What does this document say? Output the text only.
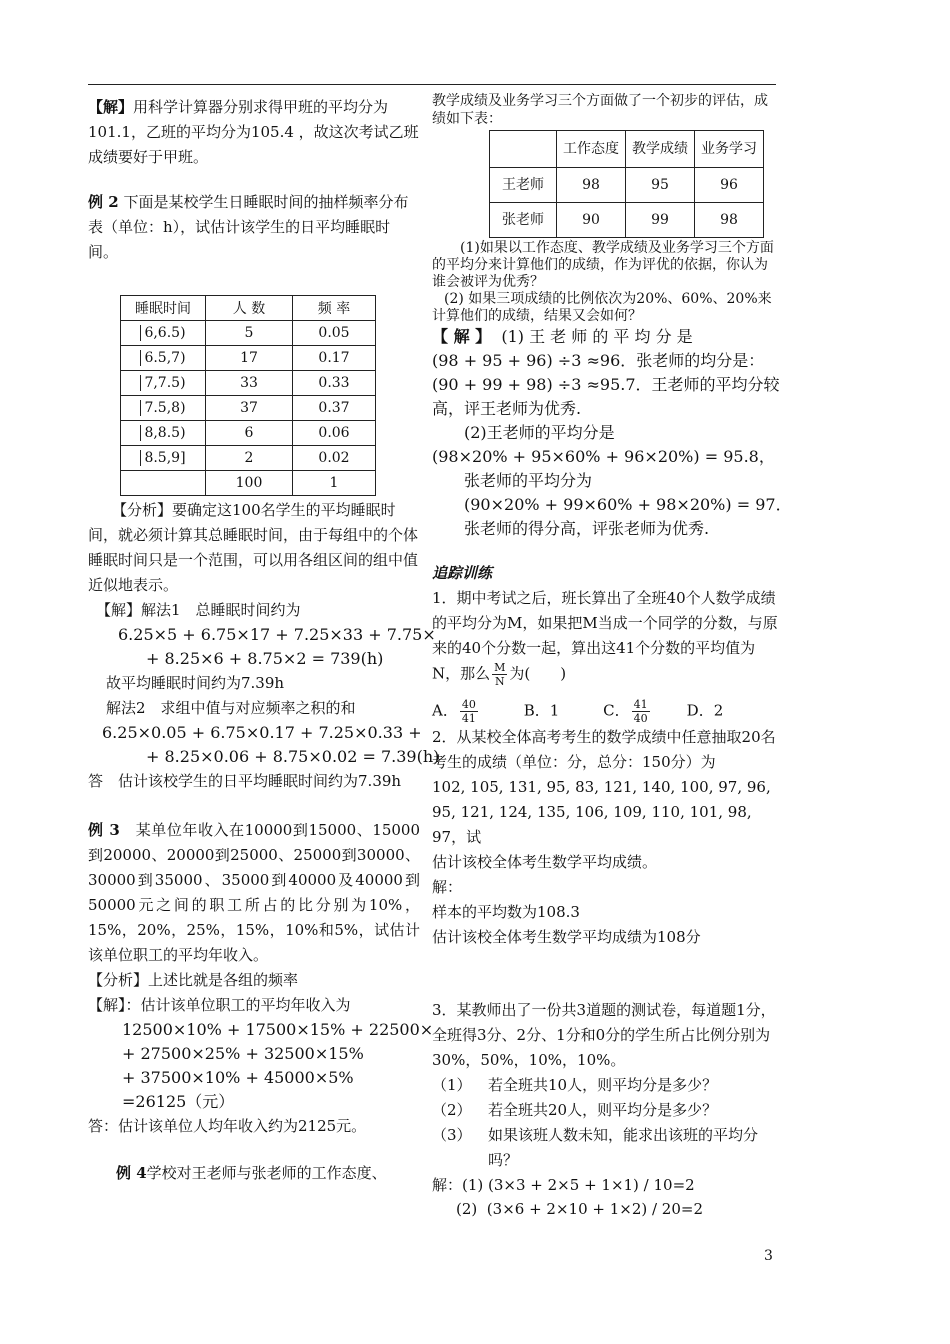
【解】用科学计算器分别求得甲班的平均分为101.1，乙班的平均分为105.4 ，故这次考试乙班成绩要好于甲班。

例 2 下面是某校学生日睡眠时间的抽样频率分布表（单位：h），试估计该学生的日平均睡眠时间。

睡眠时间	人 数	频 率
6,6.5)	5	0.05
6.5,7)	17	0.17
7,7.5)	33	0.33
7.5,8)	37	0.37
8,8.5)	6	0.06
8.5,9]	2	0.02
	100	1

【分析】要确定这100名学生的平均睡眠时间，就必须计算其总睡眠时间，由于每组中的个体睡眠时间只是一个范围，可以用各组区间的组中值近似地表示。

【解】解法1　总睡眠时间约为

6.25×5 + 6.75×17 + 7.25×33 + 7.75×

+ 8.25×6 + 8.75×2 = 739(h)

故平均睡眠时间约为7.39h

解法2　求组中值与对应频率之积的和

6.25×0.05 + 6.75×0.17 + 7.25×0.33 +

+ 8.25×0.06 + 8.75×0.02 = 7.39(h)

答　估计该校学生的日平均睡眠时间约为7.39h

例 3 某单位年收入在10000到15000、15000到20000、20000到25000、25000到30000、30000到35000、35000到40000及40000到50000元之间的职工所占的比分别为10%，15%，20%，25%，15%，10%和5%，试估计该单位职工的平均年收入。

【分析】上述比就是各组的频率

【解】：估计该单位职工的平均年收入为

12500×10% + 17500×15% + 22500×

+ 27500×25% + 32500×15%

+ 37500×10% + 45000×5%

=26125（元）

答：估计该单位人均年收入约为2125元。

例 4学校对王老师与张老师的工作态度、

教学成绩及业务学习三个方面做了一个初步的评估，成绩如下表：

	工作态度	教学成绩	业务学习
王老师	98	95	96
张老师	90	99	98

(1)如果以工作态度、教学成绩及业务学习三个方面的平均分来计算他们的成绩，作为评优的依据，你认为谁会被评为优秀？

(2) 如果三项成绩的比例依次为20%、60%、20%来计算他们的成绩，结果又会如何？

【 解 】 (1) 王 老 师 的 平 均 分 是

(98 + 95 + 96) ÷3 ≈96．张老师的均分是：

(90 + 99 + 98) ÷3 ≈95.7．王老师的平均分较

高，评王老师为优秀.

(2)王老师的平均分是

(98×20% + 95×60% + 96×20%) = 95.8，

张老师的平均分为

(90×20% + 99×60% + 98×20%) = 97．

张老师的得分高，评张老师为优秀.

追踪训练

1．期中考试之后，班长算出了全班40个人数学成绩的平均分为M，如果把M当成一个同学的分数，与原来的40个分数一起，算出这41个分数的平均值为N，那么 $\frac{M}{N}$ 为(　　)

A． $\frac{40}{41}$	B．1	C． $\frac{41}{40}$ D．2

2．从某校全体高考考生的数学成绩中任意抽取20名考生的成绩（单位：分，总分：150分）为

102, 105, 131, 95, 83, 121, 140, 100, 97, 96,

95, 121, 124, 135, 106, 109, 110, 101, 98, 97，试

估计该校全体考生数学平均成绩。

解：

样本的平均数为108.3

估计该校全体考生数学平均成绩为108分

3．某教师出了一份共3道题的测试卷，每道题1分，全班得3分、2分、1分和0分的学生所占比例分别为30%，50%，10%，10%。

（1） 若全班共10人，则平均分是多少？

（2） 若全班共20人，则平均分是多少？

（3） 如果该班人数未知，能求出该班的平均分吗？

解：(1) (3×3 + 2×5 + 1×1) / 10=2

(2) (3×6 + 2×10 + 1×2) / 20=2

3
